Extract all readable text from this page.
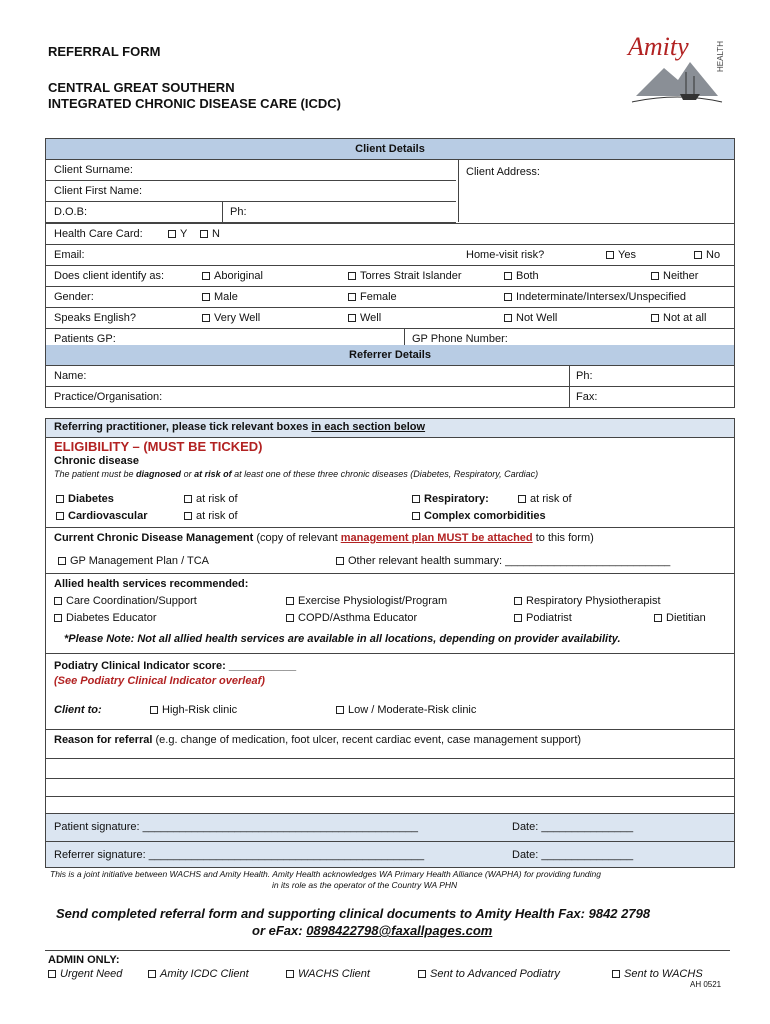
REFERRAL FORM
CENTRAL GREAT SOUTHERN
INTEGRATED CHRONIC DISEASE CARE (ICDC)
Amity	HEALTH
Client Details
Client Surname:	Client Address:
Client First Name:
D.O.B:	Ph:
Health Care Card:	Y	N
Email:	Home-visit risk?	Yes	No
Does client identify as:	Aboriginal	Torres Strait Islander	Both	Neither
Gender:	Male	Female	Indeterminate/Intersex/Unspecified
Speaks English?	Very Well	Well	Not Well	Not at all
Patients GP:	GP Phone Number:
Referrer Details
Name:	Ph:
Practice/Organisation:	Fax:
Referring practitioner, please tick relevant boxes in each section below
ELIGIBILITY – (MUST BE TICKED)
Chronic disease
The patient must be diagnosed or at risk of at least one of these three chronic diseases (Diabetes, Respiratory, Cardiac)
Diabetes	at risk of	Respiratory:	at risk of
Cardiovascular	at risk of	Complex comorbidities
Current Chronic Disease Management (copy of relevant management plan MUST be attached to this form)
GP Management Plan / TCA	Other relevant health summary: ___________________________
Allied health services recommended:
Care Coordination/Support	Exercise Physiologist/Program	Respiratory Physiotherapist
Diabetes Educator	COPD/Asthma Educator	Podiatrist	Dietitian
*Please Note: Not all allied health services are available in all locations, depending on provider availability.
Podiatry Clinical Indicator score: ___________
(See Podiatry Clinical Indicator overleaf)
Client to:	High-Risk clinic	Low / Moderate-Risk clinic
Reason for referral (e.g. change of medication, foot ulcer, recent cardiac event, case management support)
Patient signature: _____________________________________________	Date: _______________
Referrer signature: _____________________________________________	Date: _______________
This is a joint initiative between WACHS and Amity Health. Amity Health acknowledges WA Primary Health Alliance (WAPHA) for providing funding
in its role as the operator of the Country WA PHN
Send completed referral form and supporting clinical documents to Amity Health Fax: 9842 2798
or eFax: 0898422798@faxallpages.com
ADMIN ONLY:
Urgent Need	Amity ICDC Client	WACHS Client	Sent to Advanced Podiatry	Sent to WACHS
AH 0521
